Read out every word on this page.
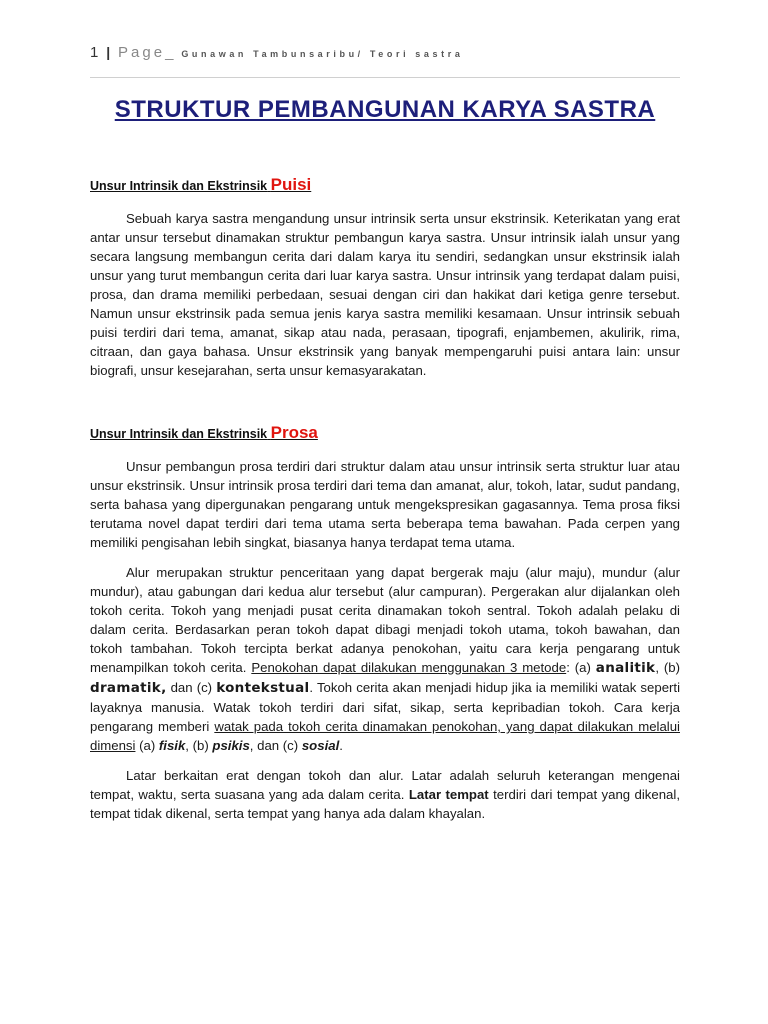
1 | Page_ Gunawan Tambunsaribu/ Teori sastra
STRUKTUR PEMBANGUNAN KARYA SASTRA

Unsur Intrinsik dan Ekstrinsik Puisi

Sebuah karya sastra mengandung unsur intrinsik serta unsur ekstrinsik. Keterikatan yang erat antar unsur tersebut dinamakan struktur pembangun karya sastra. Unsur intrinsik ialah unsur yang secara langsung membangun cerita dari dalam karya itu sendiri, sedangkan unsur ekstrinsik ialah unsur yang turut membangun cerita dari luar karya sastra. Unsur intrinsik yang terdapat dalam puisi, prosa, dan drama memiliki perbedaan, sesuai dengan ciri dan hakikat dari ketiga genre tersebut. Namun unsur ekstrinsik pada semua jenis karya sastra memiliki kesamaan. Unsur intrinsik sebuah puisi terdiri dari tema, amanat, sikap atau nada, perasaan, tipografi, enjambemen, akulirik, rima, citraan, dan gaya bahasa. Unsur ekstrinsik yang banyak mempengaruhi puisi antara lain: unsur biografi, unsur kesejarahan, serta unsur kemasyarakatan.

Unsur Intrinsik dan Ekstrinsik Prosa

Unsur pembangun prosa terdiri dari struktur dalam atau unsur intrinsik serta struktur luar atau unsur ekstrinsik. Unsur intrinsik prosa terdiri dari tema dan amanat, alur, tokoh, latar, sudut pandang, serta bahasa yang dipergunakan pengarang untuk mengekspresikan gagasannya. Tema prosa fiksi terutama novel dapat terdiri dari tema utama serta beberapa tema bawahan. Pada cerpen yang memiliki pengisahan lebih singkat, biasanya hanya terdapat tema utama.

Alur merupakan struktur penceritaan yang dapat bergerak maju (alur maju), mundur (alur mundur), atau gabungan dari kedua alur tersebut (alur campuran). Pergerakan alur dijalankan oleh tokoh cerita. Tokoh yang menjadi pusat cerita dinamakan tokoh sentral. Tokoh adalah pelaku di dalam cerita. Berdasarkan peran tokoh dapat dibagi menjadi tokoh utama, tokoh bawahan, dan tokoh tambahan. Tokoh tercipta berkat adanya penokohan, yaitu cara kerja pengarang untuk menampilkan tokoh cerita. Penokohan dapat dilakukan menggunakan 3 metode: (a) analitik, (b) dramatik, dan (c) kontekstual. Tokoh cerita akan menjadi hidup jika ia memiliki watak seperti layaknya manusia. Watak tokoh terdiri dari sifat, sikap, serta kepribadian tokoh. Cara kerja pengarang memberi watak pada tokoh cerita dinamakan penokohan, yang dapat dilakukan melalui dimensi (a) fisik, (b) psikis, dan (c) sosial.

Latar berkaitan erat dengan tokoh dan alur. Latar adalah seluruh keterangan mengenai tempat, waktu, serta suasana yang ada dalam cerita. Latar tempat terdiri dari tempat yang dikenal, tempat tidak dikenal, serta tempat yang hanya ada dalam khayalan.
